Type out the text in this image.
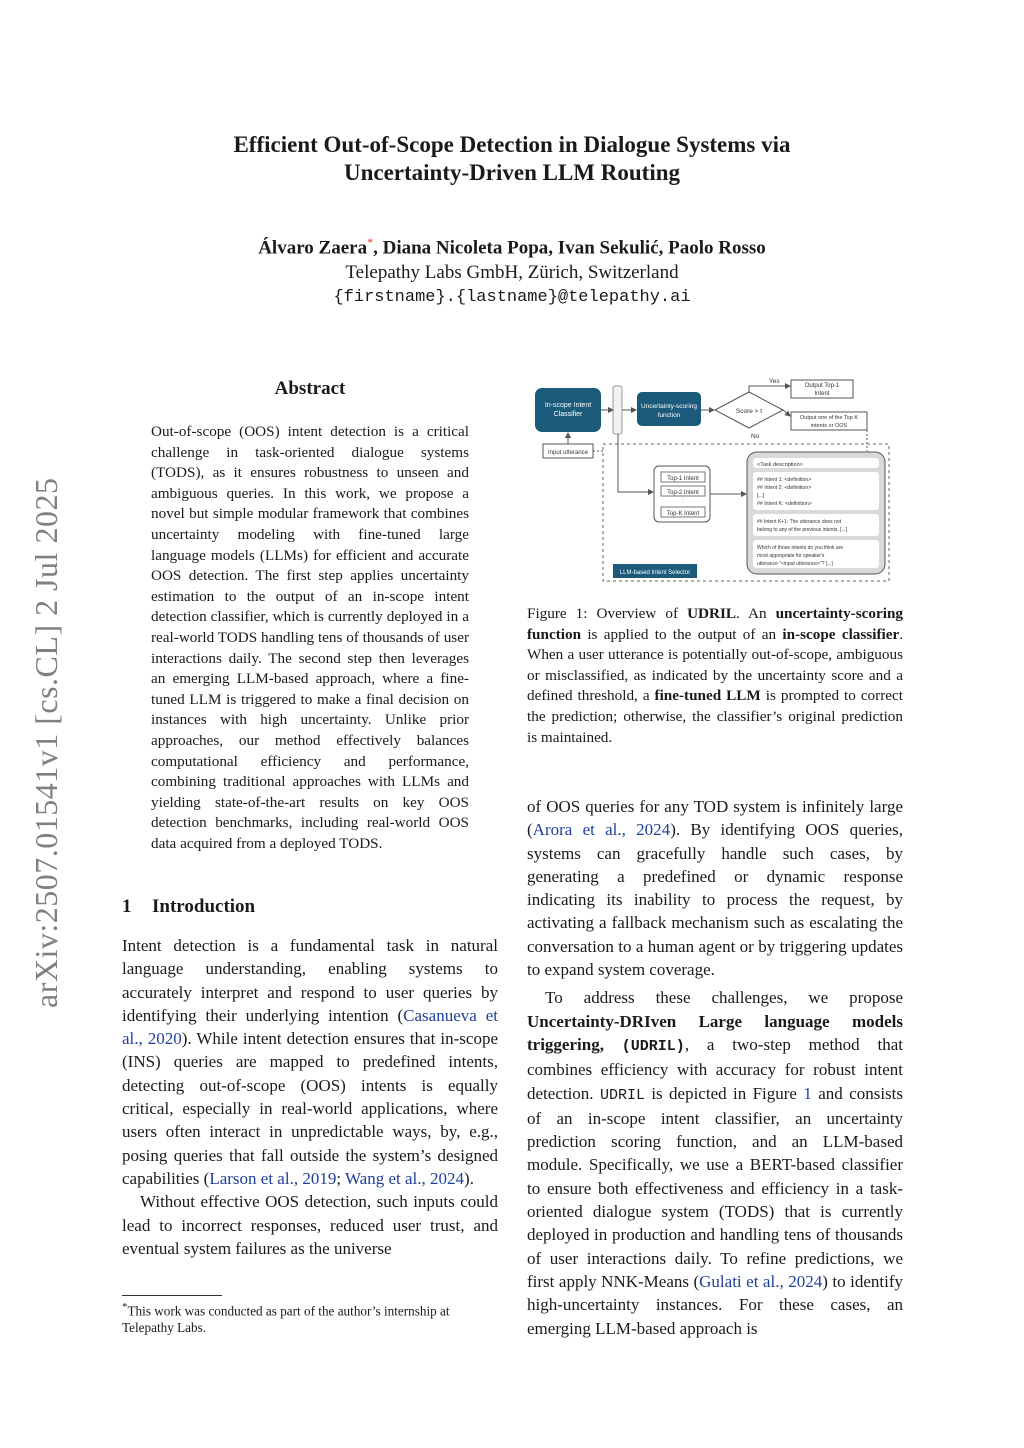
Efficient Out-of-Scope Detection in Dialogue Systems via
Uncertainty-Driven LLM Routing
Álvaro Zaera*, Diana Nicoleta Popa, Ivan Sekulić, Paolo Rosso
Telepathy Labs GmbH, Zürich, Switzerland
{firstname}.{lastname}@telepathy.ai
arXiv:2507.01541v1 [cs.CL] 2 Jul 2025
Abstract
Out-of-scope (OOS) intent detection is a critical challenge in task-oriented dialogue systems (TODS), as it ensures robustness to unseen and ambiguous queries. In this work, we propose a novel but simple modular framework that combines uncertainty modeling with fine-tuned large language models (LLMs) for efficient and accurate OOS detection. The first step applies uncertainty estimation to the output of an in-scope intent detection classifier, which is currently deployed in a real-world TODS handling tens of thousands of user interactions daily. The second step then leverages an emerging LLM-based approach, where a fine-tuned LLM is triggered to make a final decision on instances with high uncertainty. Unlike prior approaches, our method effectively balances computational efficiency and performance, combining traditional approaches with LLMs and yielding state-of-the-art results on key OOS detection benchmarks, including real-world OOS data acquired from a deployed TODS.
1 Introduction

Intent detection is a fundamental task in natural language understanding, enabling systems to accurately interpret and respond to user queries by identifying their underlying intention (Casanueva et al., 2020). While intent detection ensures that in-scope (INS) queries are mapped to predefined intents, detecting out-of-scope (OOS) intents is equally critical, especially in real-world applications, where users often interact in unpredictable ways, by, e.g., posing queries that fall outside the system’s designed capabilities (Larson et al., 2019; Wang et al., 2024).

Without effective OOS detection, such inputs could lead to incorrect responses, reduced user trust, and eventual system failures as the universe

*This work was conducted as part of the author’s internship at Telepathy Labs.
In-scope Intent
Classifier
Uncertainty-scoring
function
Score > t
Yes
Output Top-1
Intent
No
Output one of the Top K
intents or OOS
Input utterance
Top-1 Intent
Top-2 Intent
:
Top-K Intent
LLM-based Intent Selector
<Task description>
## Intent 1: <definition>
## Intent 2: <definition>
[...]
## Intent K: <definition>
## Intent K+1: The utterance does not
belong to any of the previous intents. [...]
Which of those intents do you think are
most appropriate for speaker's
utterance "<input utterance>"? [...]
Figure 1: Overview of UDRIL. An uncertainty-scoring function is applied to the output of an in-scope classifier. When a user utterance is potentially out-of-scope, ambiguous or misclassified, as indicated by the uncertainty score and a defined threshold, a fine-tuned LLM is prompted to correct the prediction; otherwise, the classifier’s original prediction is maintained.

of OOS queries for any TOD system is infinitely large (Arora et al., 2024). By identifying OOS queries, systems can gracefully handle such cases, by generating a predefined or dynamic response indicating its inability to process the request, by activating a fallback mechanism such as escalating the conversation to a human agent or by triggering updates to expand system coverage.

To address these challenges, we propose Uncertainty-DRIven Large language models triggering, (UDRIL), a two-step method that combines efficiency with accuracy for robust intent detection. UDRIL is depicted in Figure 1 and consists of an in-scope intent classifier, an uncertainty prediction scoring function, and an LLM-based module. Specifically, we use a BERT-based classifier to ensure both effectiveness and efficiency in a task-oriented dialogue system (TODS) that is currently deployed in production and handling tens of thousands of user interactions daily. To refine predictions, we first apply NNK-Means (Gulati et al., 2024) to identify high-uncertainty instances. For these cases, an emerging LLM-based approach is
